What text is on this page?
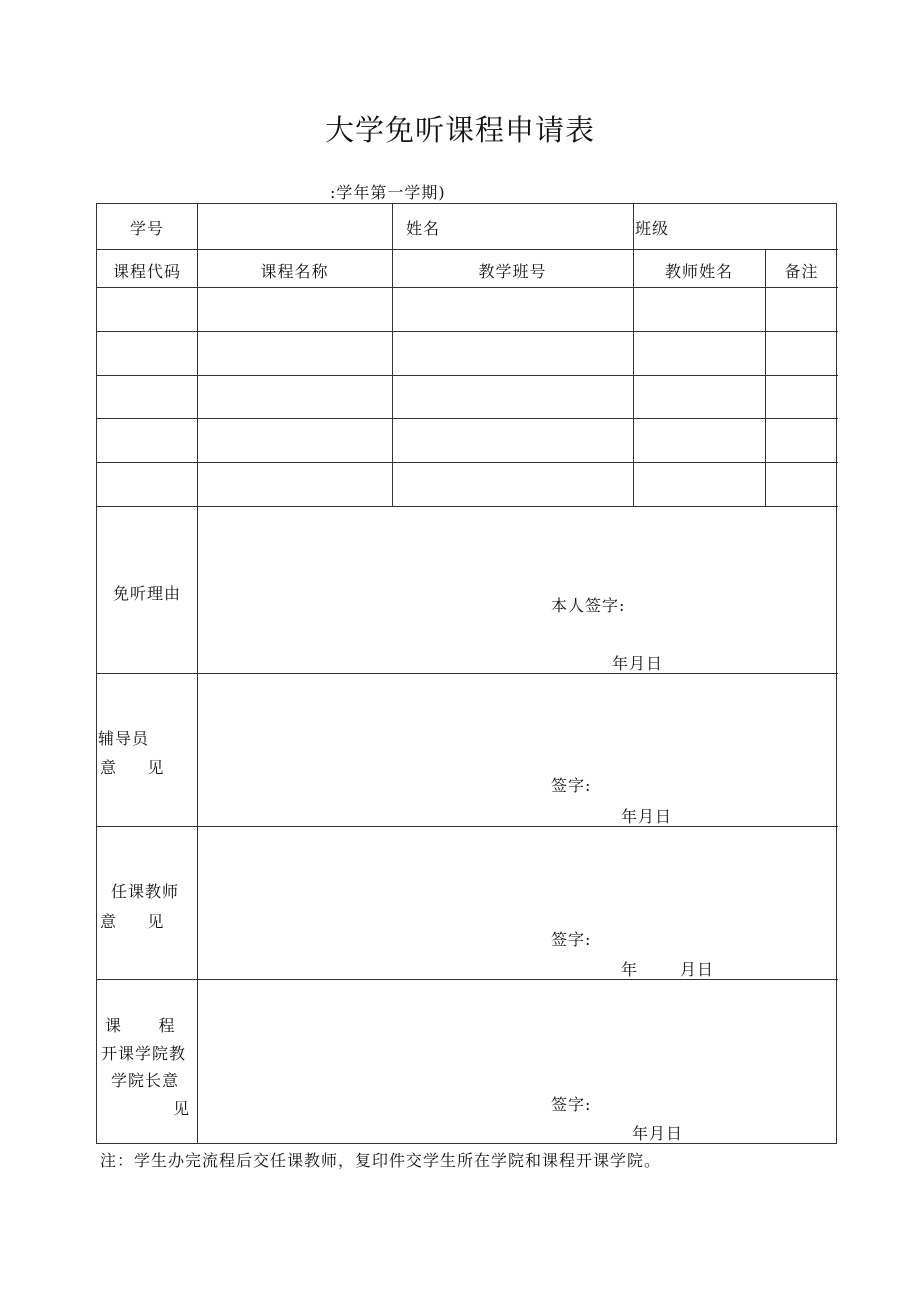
大学免听课程申请表
:学年第一学期)
学号	姓名	班级
课程代码	课程名称	教学班号	教师姓名	备注
免听理由
本人签字:
年月日
辅导员
意     见
签字:
年月日
任课教师
意     见
签字:
年	月日
课      程
开课学院教
学院长意
见	签字:
年月日
注：学生办完流程后交任课教师，复印件交学生所在学院和课程开课学院。
